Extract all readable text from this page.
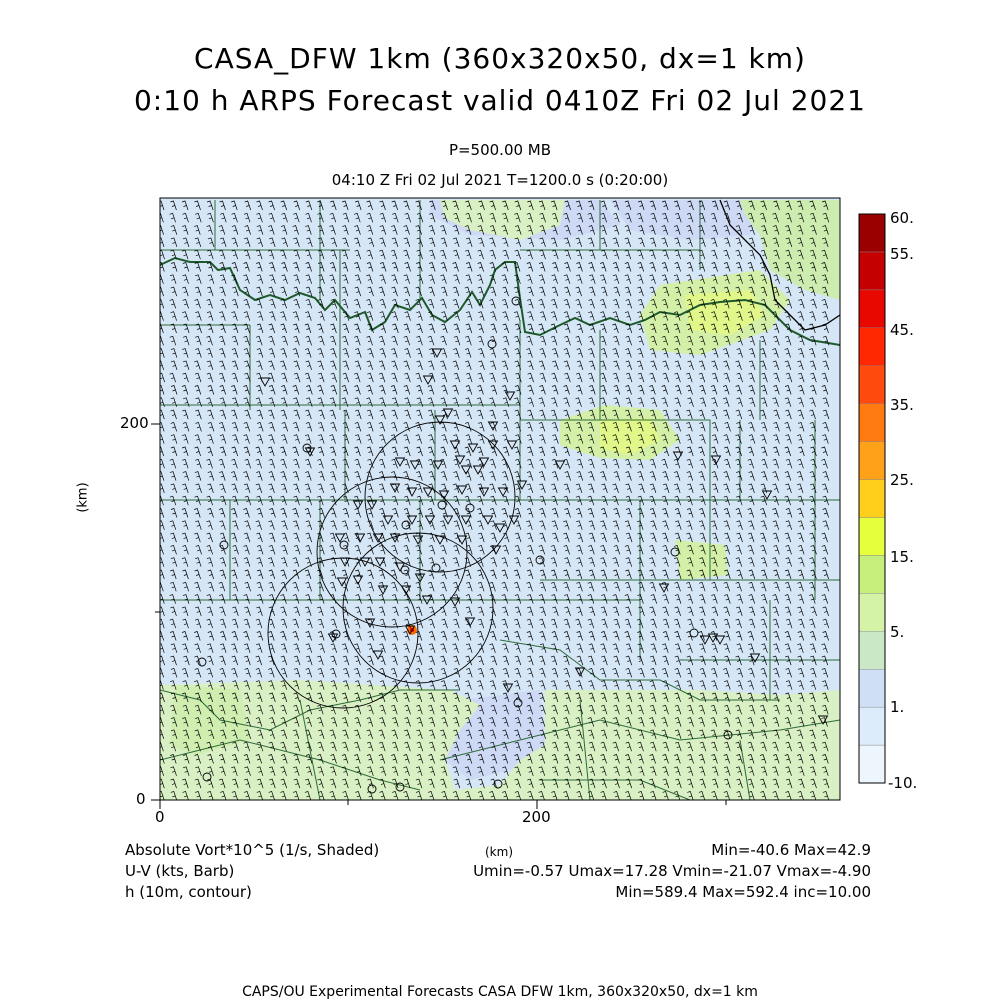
CASA_DFW 1km (360x320x50, dx=1 km)
0:10 h ARPS Forecast valid 0410Z Fri 02 Jul 2021
P=500.00 MB
04:10 Z Fri 02 Jul 2021 T=1200.0 s (0:20:00)
200
0
0	200
(km)
(km)
60.
55.
45.
35.
25.
15.
5.
1.
-10.
Absolute Vort*10^5 (1/s, Shaded)	Min=-40.6 Max=42.9
U-V (kts, Barb)	Umin=-0.57 Umax=17.28 Vmin=-21.07 Vmax=-4.90
h (10m, contour)	Min=589.4 Max=592.4 inc=10.00
CAPS/OU Experimental Forecasts CASA DFW 1km, 360x320x50, dx=1 km
